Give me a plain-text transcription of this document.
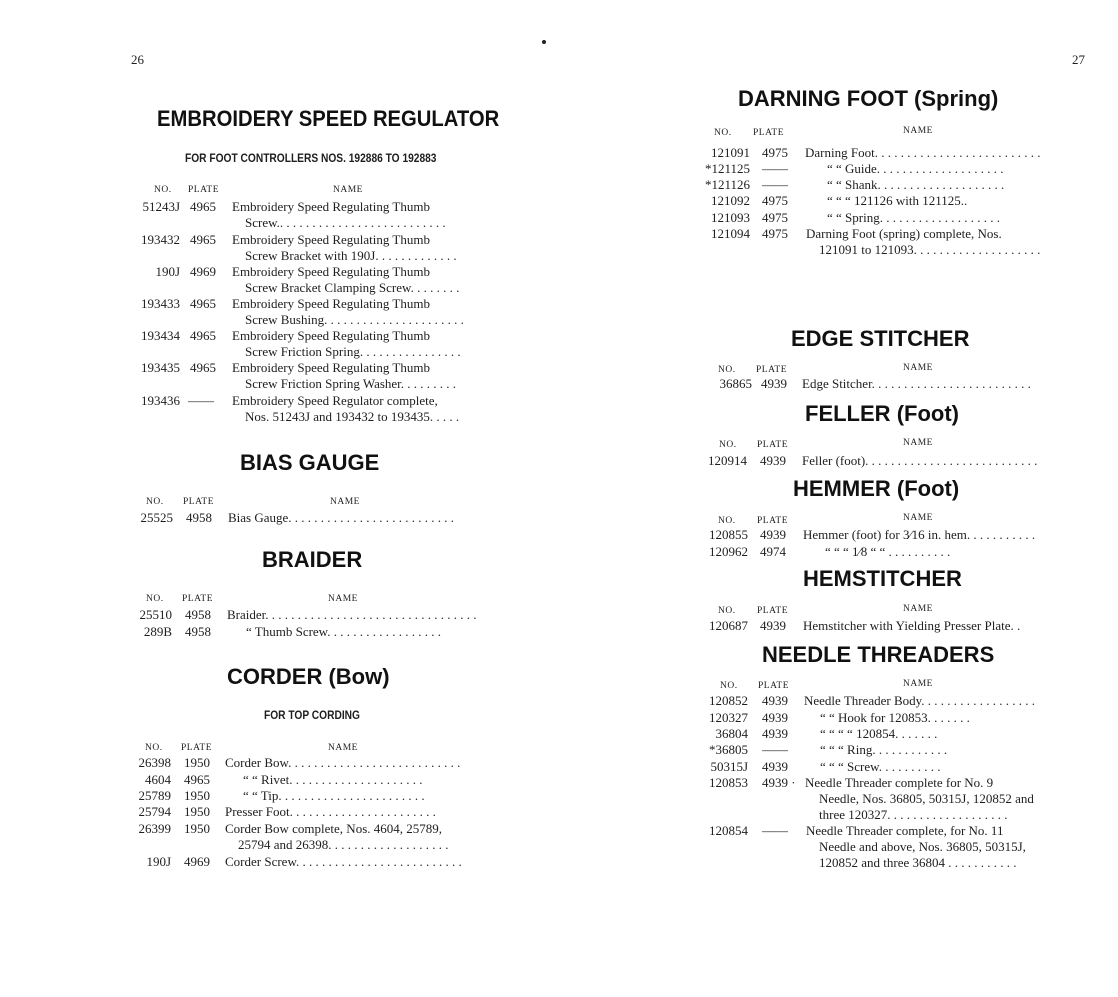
26	27
EMBROIDERY SPEED REGULATOR
FOR FOOT CONTROLLERS NOS. 192886 TO 192883
NO. PLATE	NAME
51243J 4965 Embroidery Speed Regulating Thumb
Screw.. . . . . . . . . . . . . . . . . . . . . . . . . .
193432 4965 Embroidery Speed Regulating Thumb
Screw Bracket with 190J. . . . . . . . . . . . .
190J 4969 Embroidery Speed Regulating Thumb
Screw Bracket Clamping Screw. . . . . . . .
193433 4965 Embroidery Speed Regulating Thumb
Screw Bushing. . . . . . . . . . . . . . . . . . . . . .
193434 4965 Embroidery Speed Regulating Thumb
Screw Friction Spring. . . . . . . . . . . . . . . .
193435 4965 Embroidery Speed Regulating Thumb
Screw Friction Spring Washer. . . . . . . . .
193436 —— Embroidery Speed Regulator complete,
Nos. 51243J and 193432 to 193435. . . . .
BIAS GAUGE
NO. PLATE	NAME
25525 4958 Bias Gauge. . . . . . . . . . . . . . . . . . . . . . . . . .
BRAIDER
NO. PLATE	NAME
25510 4958 Braider. . . . . . . . . . . . . . . . . . . . . . . . . . . . . . . . .
289B 4958	“ Thumb Screw. . . . . . . . . . . . . . . . . .
CORDER (Bow)
FOR TOP CORDING
NO. PLATE	NAME
26398 1950 Corder Bow. . . . . . . . . . . . . . . . . . . . . . . . . . .
4604 4965	“ “ Rivet. . . . . . . . . . . . . . . . . . . . .
25789 1950	“ “ Tip. . . . . . . . . . . . . . . . . . . . . . .
25794 1950 Presser Foot. . . . . . . . . . . . . . . . . . . . . . .
26399 1950 Corder Bow complete, Nos. 4604, 25789,
25794 and 26398. . . . . . . . . . . . . . . . . . .
190J 4969 Corder Screw. . . . . . . . . . . . . . . . . . . . . . . . . .
DARNING FOOT (Spring)
NO. PLATE	NAME
121091 4975 Darning Foot. . . . . . . . . . . . . . . . . . . . . . . . . .
*121125 ——	“ “ Guide. . . . . . . . . . . . . . . . . . . .
*121126 ——	“ “ Shank. . . . . . . . . . . . . . . . . . . .
121092 4975	“ “ “ 121126 with 121125..
121093 4975	“ “ Spring. . . . . . . . . . . . . . . . . . .
121094 4975 Darning Foot (spring) complete, Nos.
121091 to 121093. . . . . . . . . . . . . . . . . . . .
EDGE STITCHER
NO. PLATE	NAME
36865 4939 Edge Stitcher. . . . . . . . . . . . . . . . . . . . . . . . .
FELLER (Foot)
NO. PLATE	NAME
120914 4939 Feller (foot). . . . . . . . . . . . . . . . . . . . . . . . . . .
HEMMER (Foot)
NO. PLATE	NAME
120855 4939 Hemmer (foot) for 3⁄16 in. hem. . . . . . . . . . .
120962 4974	“ “ “ 1⁄8 “ “ . . . . . . . . . .
HEMSTITCHER
NO. PLATE	NAME
120687 4939 Hemstitcher with Yielding Presser Plate. .
NEEDLE THREADERS
NO. PLATE	NAME
120852 4939 Needle Threader Body. . . . . . . . . . . . . . . . . .
120327 4939 “ “ Hook for 120853. . . . . . .
36804 4939 “ “ “ “ 120854. . . . . . .
*36805 —— “ “ “ Ring. . . . . . . . . . . .
50315J 4939 “ “ “ Screw. . . . . . . . . .
120853 4939 · Needle Threader complete for No. 9
Needle, Nos. 36805, 50315J, 120852 and
three 120327. . . . . . . . . . . . . . . . . . .
120854 —— Needle Threader complete, for No. 11
Needle and above, Nos. 36805, 50315J,
120852 and three 36804 . . . . . . . . . . .
